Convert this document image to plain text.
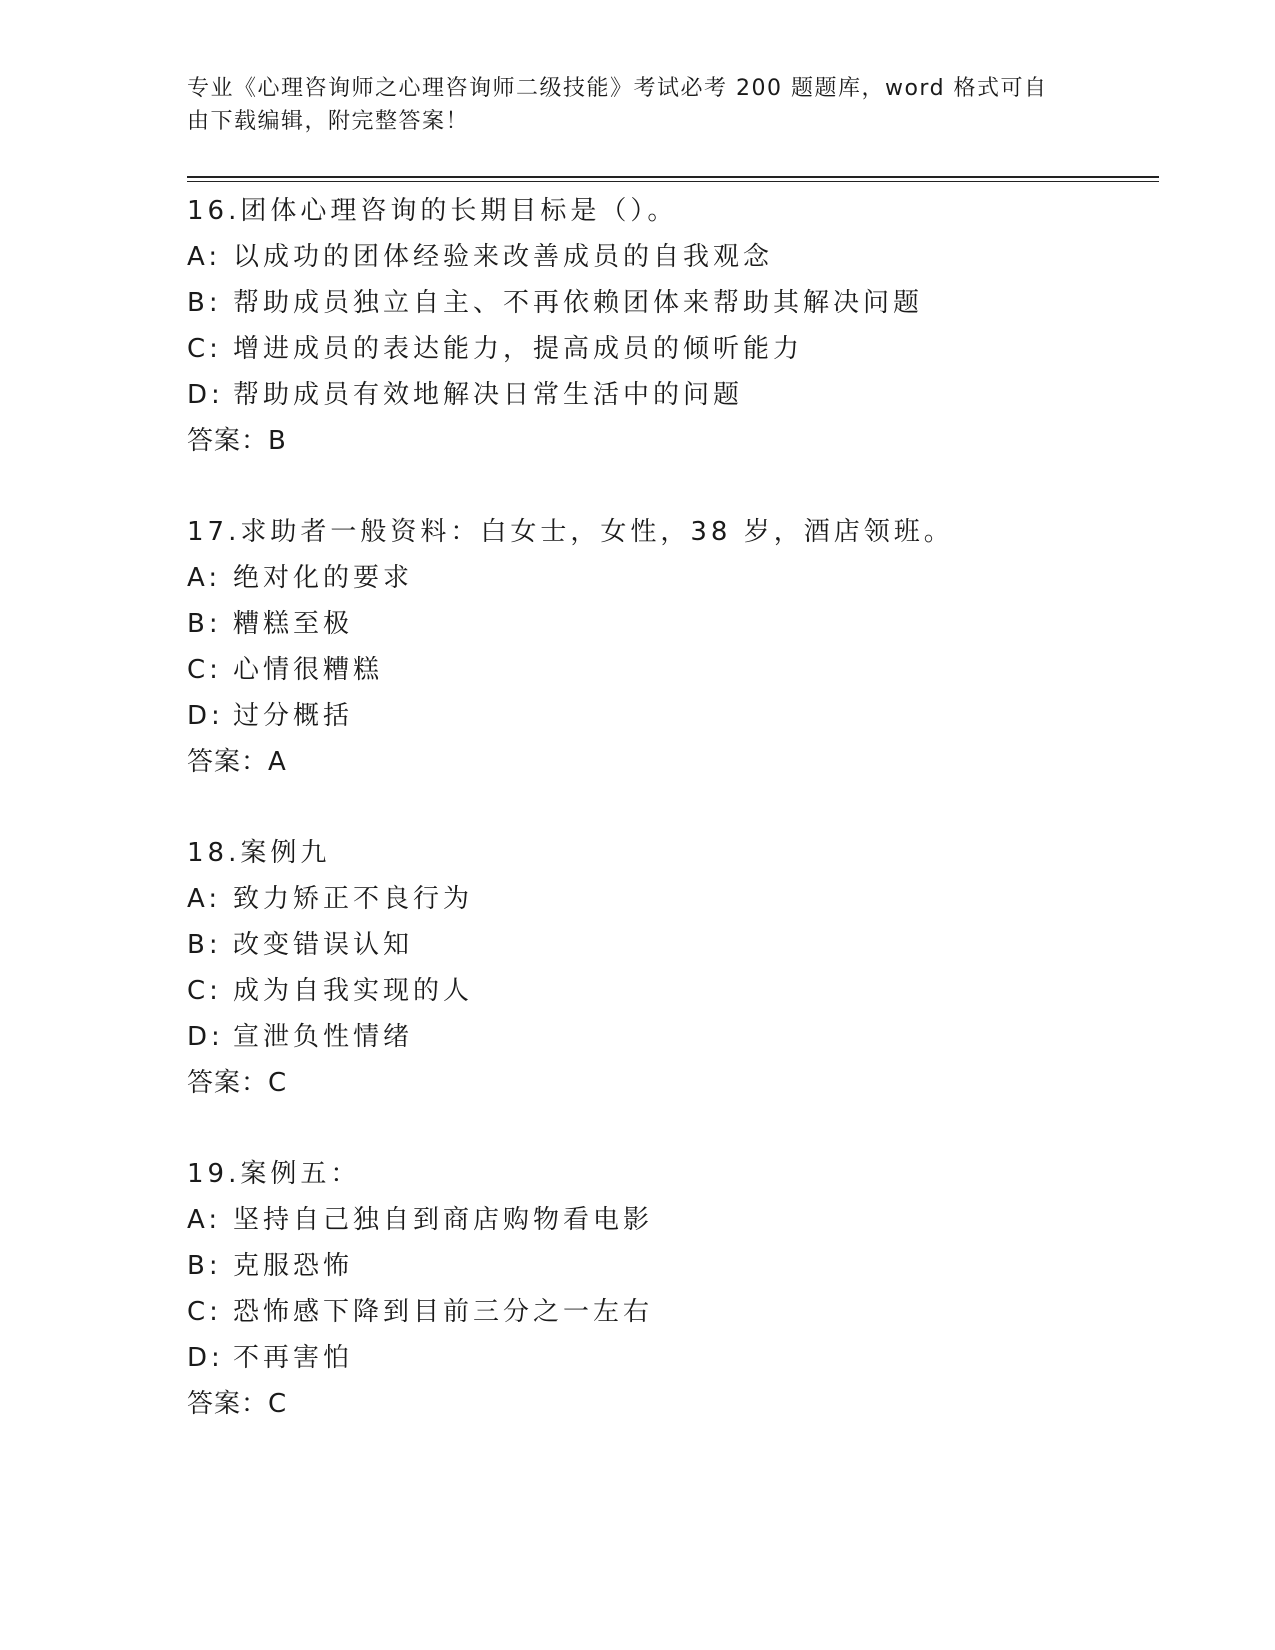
专业《心理咨询师之心理咨询师二级技能》考试必考 200 题题库，word 格式可自
由下载编辑，附完整答案！
16.团体心理咨询的长期目标是（）。
A: 以成功的团体经验来改善成员的自我观念
B: 帮助成员独立自主、不再依赖团体来帮助其解决问题
C: 增进成员的表达能力，提高成员的倾听能力
D: 帮助成员有效地解决日常生活中的问题
答案：B
17.求助者一般资料：白女士，女性，38 岁，酒店领班。
A: 绝对化的要求
B: 糟糕至极
C: 心情很糟糕
D: 过分概括
答案：A
18.案例九
A: 致力矫正不良行为
B: 改变错误认知
C: 成为自我实现的人
D: 宣泄负性情绪
答案：C
19.案例五：
A: 坚持自己独自到商店购物看电影
B: 克服恐怖
C: 恐怖感下降到目前三分之一左右
D: 不再害怕
答案：C
